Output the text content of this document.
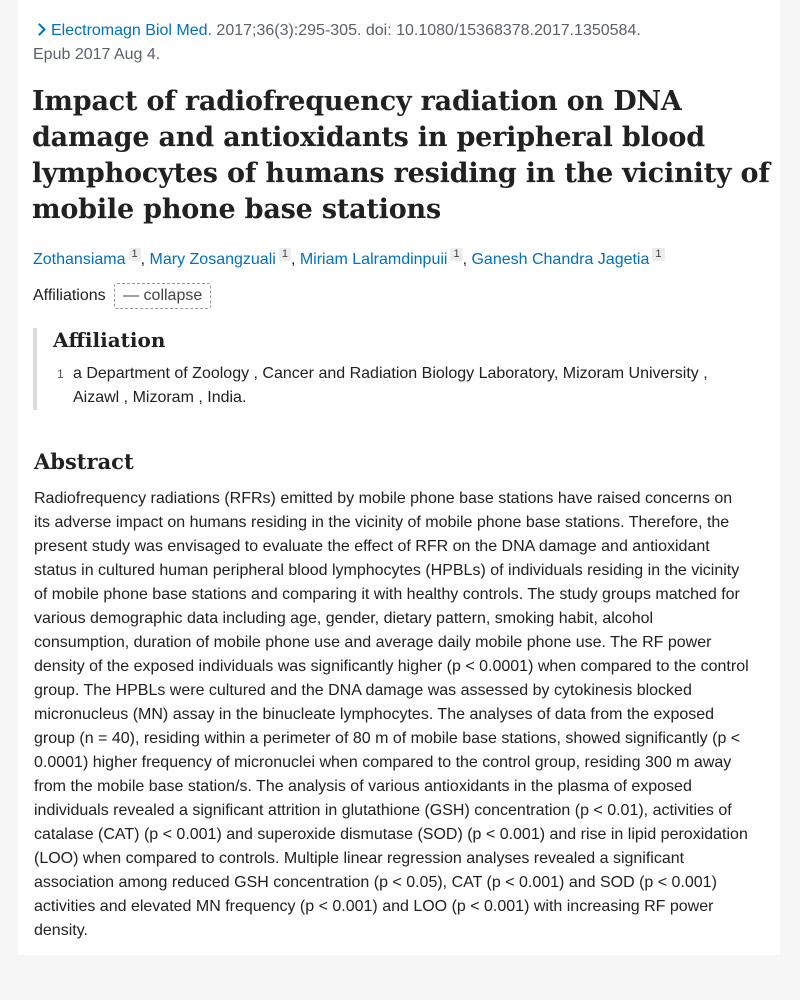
Electromagn Biol Med. 2017;36(3):295-305. doi: 10.1080/15368378.2017.1350584.
Epub 2017 Aug 4.
Impact of radiofrequency radiation on DNA damage and antioxidants in peripheral blood lymphocytes of humans residing in the vicinity of mobile phone base stations
Zothansiama $^1$ , Mary Zosangzuali $^1$ , Miriam Lalramdinpuii $^1$ , Ganesh Chandra Jagetia $^1$
Affiliations — collapse
Affiliation
1 a Department of Zoology , Cancer and Radiation Biology Laboratory, Mizoram University , Aizawl , Mizoram , India.
Abstract

Radiofrequency radiations (RFRs) emitted by mobile phone base stations have raised concerns on its adverse impact on humans residing in the vicinity of mobile phone base stations. Therefore, the present study was envisaged to evaluate the effect of RFR on the DNA damage and antioxidant status in cultured human peripheral blood lymphocytes (HPBLs) of individuals residing in the vicinity of mobile phone base stations and comparing it with healthy controls. The study groups matched for various demographic data including age, gender, dietary pattern, smoking habit, alcohol consumption, duration of mobile phone use and average daily mobile phone use. The RF power density of the exposed individuals was significantly higher (p < 0.0001) when compared to the control group. The HPBLs were cultured and the DNA damage was assessed by cytokinesis blocked micronucleus (MN) assay in the binucleate lymphocytes. The analyses of data from the exposed group (n = 40), residing within a perimeter of 80 m of mobile base stations, showed significantly (p < 0.0001) higher frequency of micronuclei when compared to the control group, residing 300 m away from the mobile base station/s. The analysis of various antioxidants in the plasma of exposed individuals revealed a significant attrition in glutathione (GSH) concentration (p < 0.01), activities of catalase (CAT) (p < 0.001) and superoxide dismutase (SOD) (p < 0.001) and rise in lipid peroxidation (LOO) when compared to controls. Multiple linear regression analyses revealed a significant association among reduced GSH concentration (p < 0.05), CAT (p < 0.001) and SOD (p < 0.001) activities and elevated MN frequency (p < 0.001) and LOO (p < 0.001) with increasing RF power density.
